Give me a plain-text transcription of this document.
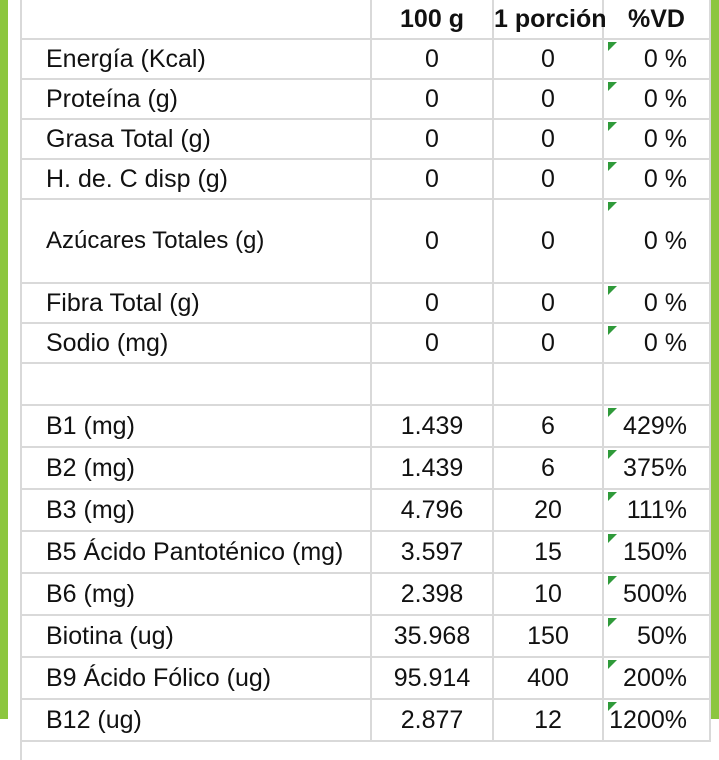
	100 g	1 porción	%VD
Energía (Kcal)	0	0	0 %
Proteína (g)	0	0	0 %
Grasa Total (g)	0	0	0 %
H. de. C disp (g)	0	0	0 %
Azúcares Totales (g)	0	0	0 %
Fibra Total (g)	0	0	0 %
Sodio (mg)	0	0	0 %

B1 (mg)	1.439	6	429%
B2 (mg)	1.439	6	375%
B3 (mg)	4.796	20	111%
B5 Ácido Pantoténico (mg)	3.597	15	150%
B6 (mg)	2.398	10	500%
Biotina (ug)	35.968	150	50%
B9 Ácido Fólico (ug)	95.914	400	200%
B12 (ug)	2.877	12	1200%
